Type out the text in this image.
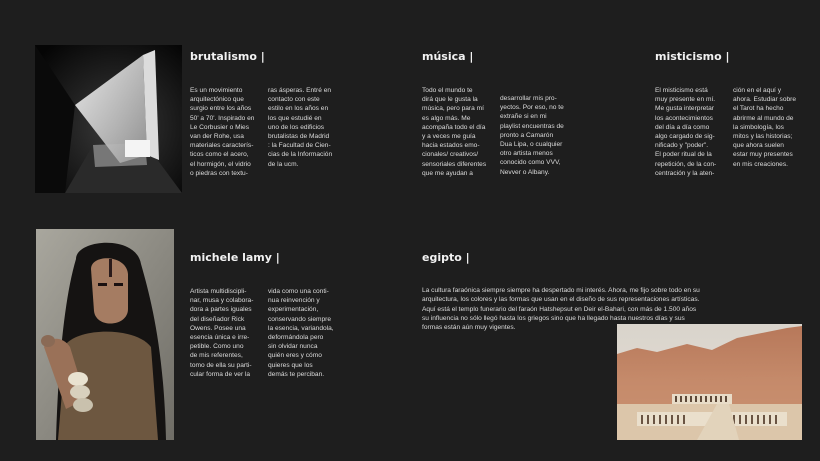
brutalismo |

Es un movimiento
arquitectónico que
surgio entre los años
50' a 70'. Inspirado en
Le Corbusier o Mies
van der Rohe, usa
materiales caracterís-
ticos como el acero,
el hormigón, el vidrio
o piedras con textu-

ras ásperas. Entré en
contacto con este
estilo en los años en
los que estudié en
uno de los edificios
brutalistas de Madrid
: la Facultad de Cien-
cias de la Información
de la ucm.

música |

Todo el mundo te
dirá que le gusta la
música, pero para mí
es algo más. Me
acompaña todo el día
y a veces me guía
hacia estados emo-
cionales/ creativos/
sensoriales diferentes
que me ayudan a

desarrollar mis pro-
yectos. Por eso, no te
extrañe si en mi
playlist encuentras de
pronto a Camarón
Dua Lipa, o cualquier
otro artista menos
conocido como VVV,
Nevver o Albany.

misticismo |

El misticismo está
muy presente en mí.
Me gusta interpretar
los acontecimientos
del día a día como
algo cargado de sig-
nificado y "poder".
El poder ritual de la
repetición, de la con-
centración y la aten-

ción en el aquí y
ahora. Estudiar sobre
el Tarot ha hecho
abrirme al mundo de
la simbología, los
mitos y las historias;
que ahora suelen
estar muy presentes
en mis creaciones.

michele lamy |

Artista multidiscipli-
nar, musa y colabora-
dora a partes iguales
del diseñador Rick
Owens. Posee una
esencia única e irre-
petible. Como uno
de mis referentes,
tomo de ella su parti-
cular forma de ver la

vida como una conti-
nua reinvención y
experimentación,
conservando siempre
la esencia, variandola,
deformándola pero
sin olvidar nunca
quién eres y cómo
quieres que los
demás te perciban.

egipto |

La cultura faraónica siempre siempre ha despertado mi interés. Ahora, me fijo sobre todo en su
arquitectura, los colores y las formas que usan en el diseño de sus representaciones artísticas.
Aquí está el templo funerario del faraón Hatshepsut en Deir el-Bahari, con más de 1.500 años
su influencia no sólo llegó hasta los griegos sino que ha llegado hasta nuestros días y sus
formas están aún muy vigentes.
